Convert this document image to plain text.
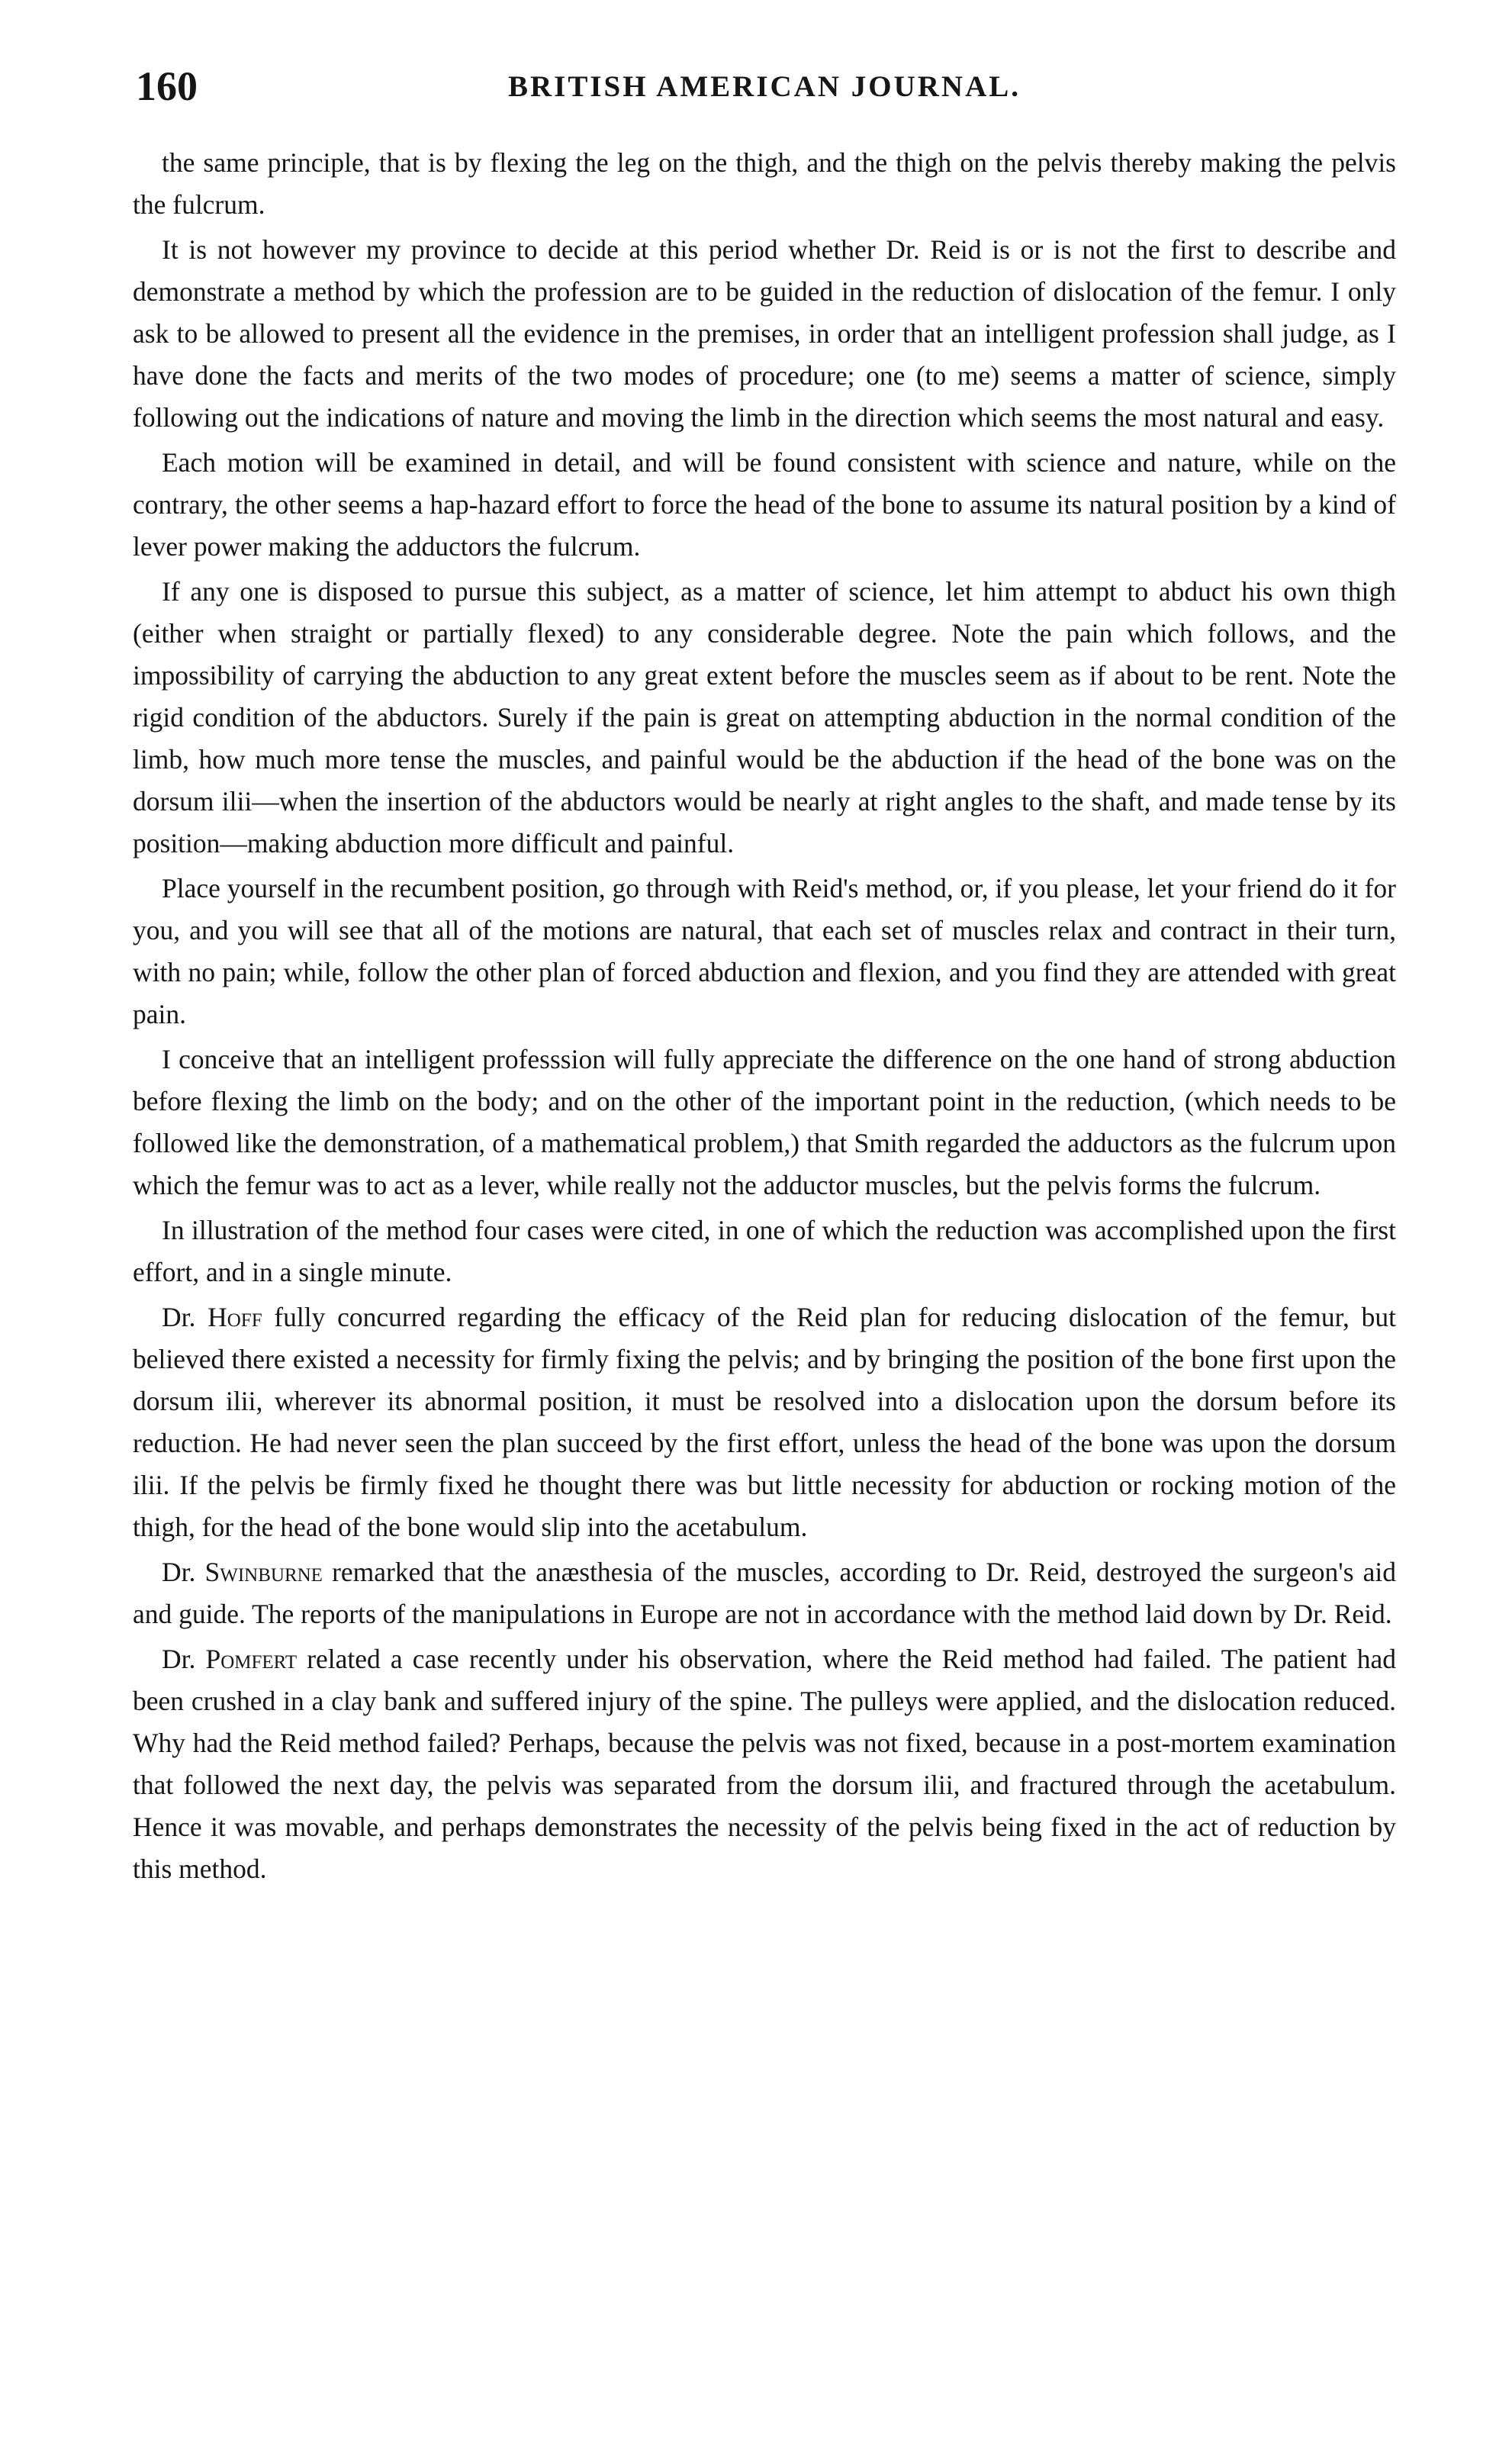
160	BRITISH AMERICAN JOURNAL.

the same principle, that is by flexing the leg on the thigh, and the thigh on the pelvis thereby making the pelvis the fulcrum.

It is not however my province to decide at this period whether Dr. Reid is or is not the first to describe and demonstrate a method by which the profession are to be guided in the reduction of dislocation of the femur. I only ask to be allowed to present all the evidence in the premises, in order that an intelligent profession shall judge, as I have done the facts and merits of the two modes of procedure; one (to me) seems a matter of science, simply following out the indications of nature and moving the limb in the direction which seems the most natural and easy.

Each motion will be examined in detail, and will be found consistent with science and nature, while on the contrary, the other seems a hap-hazard effort to force the head of the bone to assume its natural position by a kind of lever power making the adductors the fulcrum.

If any one is disposed to pursue this subject, as a matter of science, let him attempt to abduct his own thigh (either when straight or partially flexed) to any considerable degree. Note the pain which follows, and the impossibility of carrying the abduction to any great extent before the muscles seem as if about to be rent. Note the rigid condition of the abductors. Surely if the pain is great on attempting abduction in the normal condition of the limb, how much more tense the muscles, and painful would be the abduction if the head of the bone was on the dorsum ilii—when the insertion of the abductors would be nearly at right angles to the shaft, and made tense by its position—making abduction more difficult and painful.

Place yourself in the recumbent position, go through with Reid's method, or, if you please, let your friend do it for you, and you will see that all of the motions are natural, that each set of muscles relax and contract in their turn, with no pain; while, follow the other plan of forced abduction and flexion, and you find they are attended with great pain.

I conceive that an intelligent professsion will fully appreciate the difference on the one hand of strong abduction before flexing the limb on the body; and on the other of the important point in the reduction, (which needs to be followed like the demonstration, of a mathematical problem,) that Smith regarded the adductors as the fulcrum upon which the femur was to act as a lever, while really not the adductor muscles, but the pelvis forms the fulcrum.

In illustration of the method four cases were cited, in one of which the reduction was accomplished upon the first effort, and in a single minute.

Dr. Hoff fully concurred regarding the efficacy of the Reid plan for reducing dislocation of the femur, but believed there existed a necessity for firmly fixing the pelvis; and by bringing the position of the bone first upon the dorsum ilii, wherever its abnormal position, it must be resolved into a dislocation upon the dorsum before its reduction. He had never seen the plan succeed by the first effort, unless the head of the bone was upon the dorsum ilii. If the pelvis be firmly fixed he thought there was but little necessity for abduction or rocking motion of the thigh, for the head of the bone would slip into the acetabulum.

Dr. Swinburne remarked that the anæsthesia of the muscles, according to Dr. Reid, destroyed the surgeon's aid and guide. The reports of the manipulations in Europe are not in accordance with the method laid down by Dr. Reid.

Dr. Pomfert related a case recently under his observation, where the Reid method had failed. The patient had been crushed in a clay bank and suffered injury of the spine. The pulleys were applied, and the dislocation reduced. Why had the Reid method failed? Perhaps, because the pelvis was not fixed, because in a post-mortem examination that followed the next day, the pelvis was separated from the dorsum ilii, and fractured through the acetabulum. Hence it was movable, and perhaps demonstrates the necessity of the pelvis being fixed in the act of reduction by this method.
